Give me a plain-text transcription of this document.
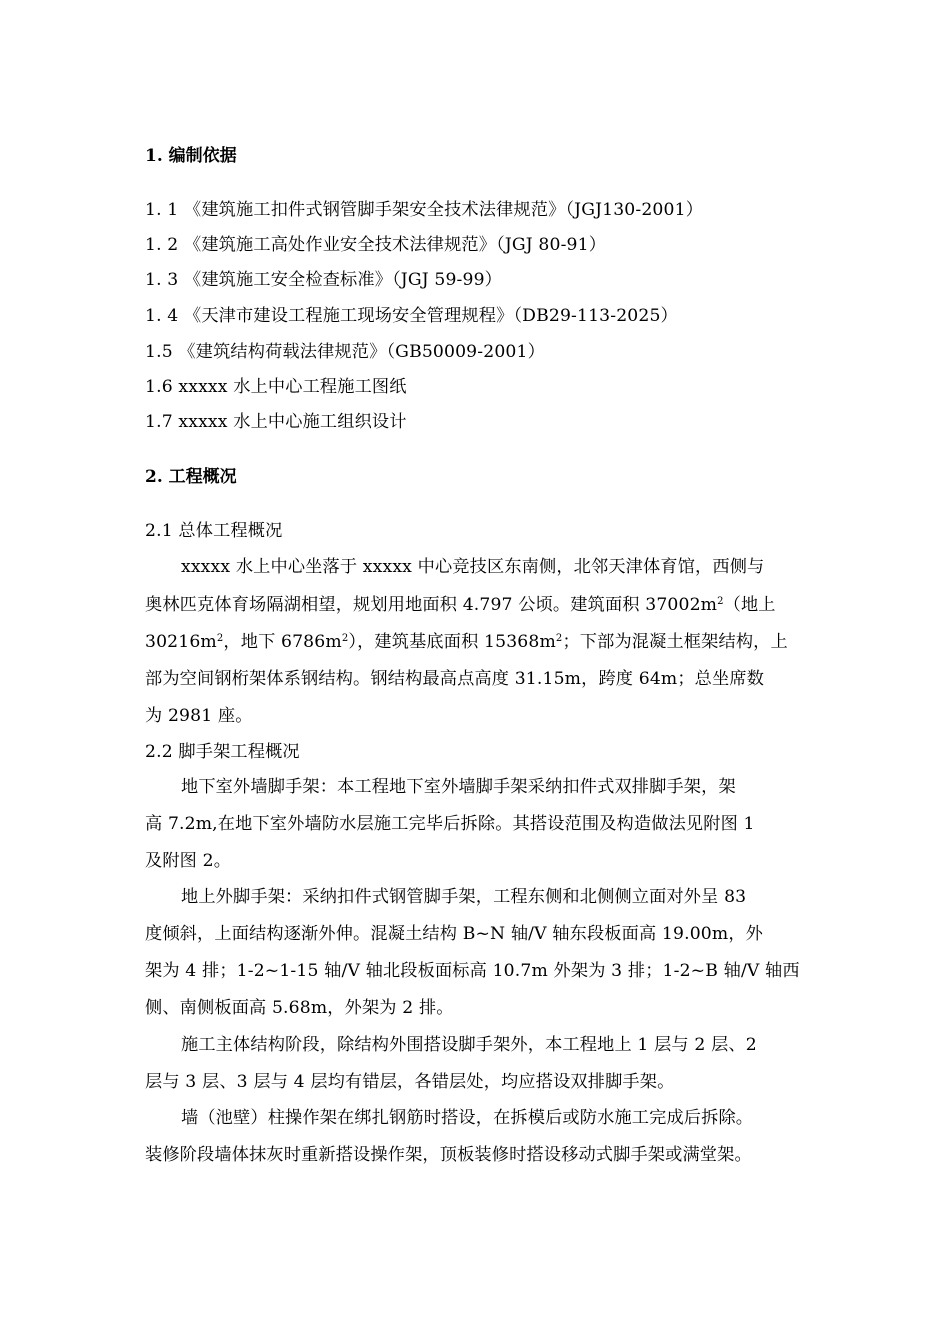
1. 编制依据
1. 1 《建筑施工扣件式钢管脚手架安全技术法律规范》（JGJ130-2001）
1. 2 《建筑施工高处作业安全技术法律规范》（JGJ 80-91）
1. 3 《建筑施工安全检查标准》（JGJ 59-99）
1. 4 《天津市建设工程施工现场安全管理规程》（DB29-113-2025）
1.5 《建筑结构荷载法律规范》（GB50009-2001）
1.6 xxxxx 水上中心工程施工图纸
1.7 xxxxx 水上中心施工组织设计
2. 工程概况
2.1 总体工程概况
xxxxx 水上中心坐落于 xxxxx 中心竞技区东南侧，北邻天津体育馆，西侧与
奥林匹克体育场隔湖相望，规划用地面积 4.797 公顷。建筑面积 $37002m^2$（地上
$30216m^2$，地下 $6786m^2$），建筑基底面积 $15368m^2$；下部为混凝土框架结构，上
部为空间钢桁架体系钢结构。钢结构最高点高度 31.15m，跨度 64m；总坐席数
为 2981 座。
2.2 脚手架工程概况
地下室外墙脚手架：本工程地下室外墙脚手架采纳扣件式双排脚手架，架
高 7.2m,在地下室外墙防水层施工完毕后拆除。其搭设范围及构造做法见附图 1
及附图 2。
地上外脚手架：采纳扣件式钢管脚手架，工程东侧和北侧侧立面对外呈 83
度倾斜，上面结构逐渐外伸。混凝土结构 B~N 轴/V 轴东段板面高 19.00m，外
架为 4 排；1-2~1-15 轴/V 轴北段板面标高 10.7m 外架为 3 排；1-2~B 轴/V 轴西
侧、南侧板面高 5.68m，外架为 2 排。
施工主体结构阶段，除结构外围搭设脚手架外，本工程地上 1 层与 2 层、2
层与 3 层、3 层与 4 层均有错层，各错层处，均应搭设双排脚手架。
墙（池壁）柱操作架在绑扎钢筋时搭设，在拆模后或防水施工完成后拆除。
装修阶段墙体抹灰时重新搭设操作架，顶板装修时搭设移动式脚手架或满堂架。
